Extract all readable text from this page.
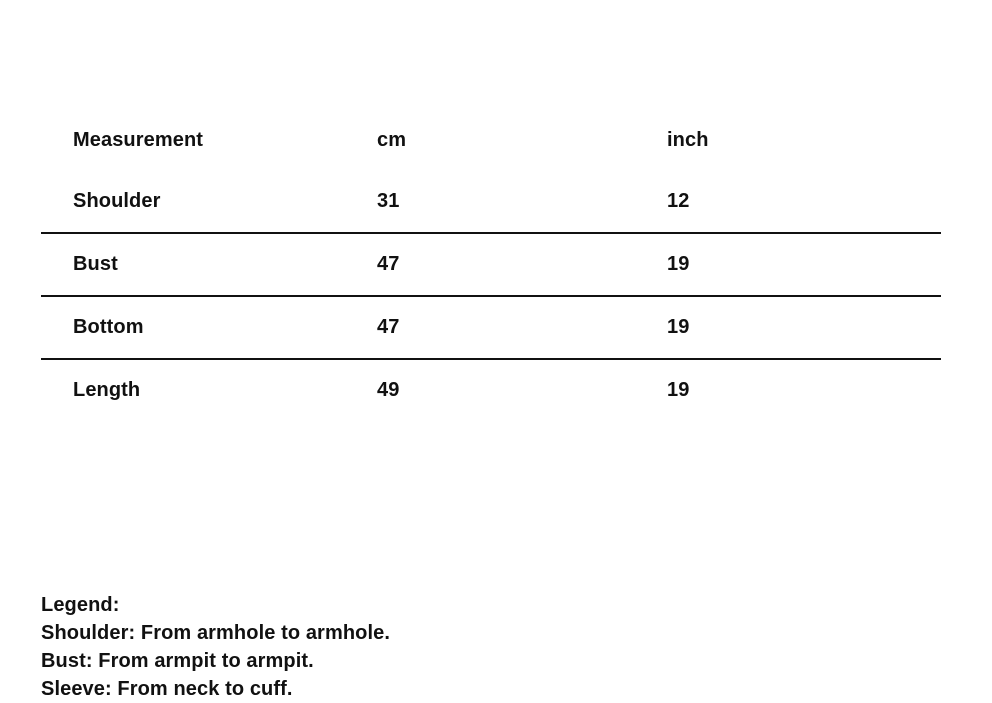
Measurement	cm	inch
Shoulder	31	12
Bust	47	19
Bottom	47	19
Length	49	19
Legend:
Shoulder: From armhole to armhole.
Bust: From armpit to armpit.
Sleeve: From neck to cuff.
